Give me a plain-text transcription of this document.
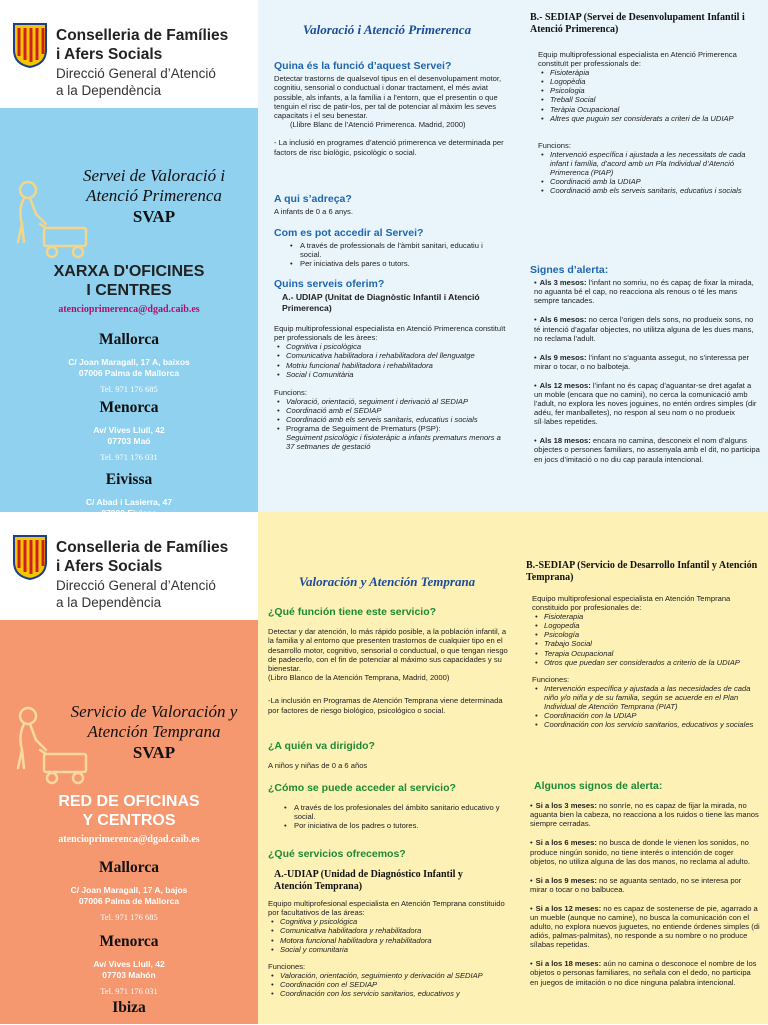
Conselleria de Famílies
i Afers Socials
Direcció General d’Atenció
a la Dependència
Servei de Valoració i Atenció Primerenca
SVAP
XARXA D'OFICINES
I CENTRES
atencioprimerenca@dgad.caib.es
Mallorca
C/ Joan Maragall, 17 A, baixos
07006 Palma de Mallorca
Tel. 971 176 685
Menorca
Av/ Vives Llull, 42
07703 Maó
Tel. 971 176 031
Eivissa
C/ Abad i Lasierra, 47
Valoració i Atenció Primerenca
Quina és la funció d’aquest Servei?
Detectar trastorns de qualsevol tipus en el desenvolupament motor, cognitiu, sensorial o conductual i donar tractament, el més aviat possible, als infants, a la família i a l’entorn, que el presentin o que tenguin el risc de patir-los, per tal de potenciar al màxim les seves capacitats i el seu benestar.
(Llibre Blanc de l’Atenció Primerenca. Madrid, 2000)
- La inclusió en programes d’atenció primerenca ve determinada per factors de risc biològic, psicològic o social.
A qui s’adreça?
A infants de 0 a 6 anys.
Com es pot accedir al Servei?
• A través de professionals de l’àmbit sanitari, educatiu i social.
• Per iniciativa dels pares o tutors.
Quins serveis oferim?
A.- UDIAP (Unitat de Diagnòstic Infantil i Atenció Primerenca)
Equip multiprofessional especialista en Atenció Primerenca constituït per professionals de les àrees:
• Cognitiva i psicològica
• Comunicativa habilitadora i rehabilitadora del llenguatge
• Motriu funcional habilitadora i rehabilitadora
• Social i Comunitària
Funcions:
• Valoració, orientació, seguiment i derivació al SEDIAP
• Coordinació amb el SEDIAP
• Coordinació amb els serveis sanitaris, educatius i socials
• Programa de Seguiment de Prematurs (PSP):
Seguiment psicològic i fisioteràpic a infants prematurs menors a 37 setmanes de gestació
B.- SEDIAP (Servei de Desenvolupament Infantil i Atenció Primerenca)
Equip multiprofessional especialista en Atenció Primerenca constituït per professionals de:
• Fisioteràpia
• Logopèdia
• Psicologia
• Treball Social
• Teràpia Ocupacional
• Altres que puguin ser considerats a criteri de la UDIAP
Funcions:
• Intervenció específica i ajustada a les necessitats de cada infant i família, d’acord amb un Pla Individual d’Atenció Primerenca (PIAP)
• Coordinació amb la UDIAP
• Coordinació amb els serveis sanitaris, educatius i socials
Signes d’alerta:
• Als 3 mesos: l’infant no somriu, no és capaç de fixar la mirada, no aguanta bé el cap, no reacciona als renous o té les mans sempre tancades.
• Als 6 mesos: no cerca l’origen dels sons, no produeix sons, no té intenció d’agafar objectes, no utilitza alguna de les dues mans, no reclama l’adult.
• Als 9 mesos: l’infant no s’aguanta assegut, no s’interessa per mirar o tocar, o no balboteja.
• Als 12 mesos: l’infant no és capaç d’aguantar-se dret agafat a un moble (encara que no camini), no cerca la comunicació amb l’adult, no explora les noves joguines, no entén ordres simples (dir adéu, fer manballetes), no respon al seu nom o no produeix síl·labes repetides.
• Als 18 mesos: encara no camina, desconeix el nom d’alguns objectes o persones familiars, no assenyala amb el dit, no participa en jocs d’imitació o no diu cap paraula intencional.
Conselleria de Famílies
i Afers Socials
Direcció General d’Atenció
a la Dependència
Servicio de Valoración y Atención Temprana
SVAP
RED DE OFICINAS
Y CENTROS
atencioprimerenca@dgad.caib.es
Mallorca
C/ Joan Maragall, 17 A, bajos
07006 Palma de Mallorca
Tel. 971 176 685
Menorca
Av/ Vives Llull, 42
07703 Mahón
Tel. 971 176 031
Ibiza
Valoración y Atención Temprana
¿Qué función tiene este servicio?
Detectar y dar atención, lo más rápido posible, a la población infantil, a la familia y al entorno que presenten trastornos de cualquier tipo en el desarrollo motor, cognitivo, sensorial o conductual, o que tengan riesgo de padecerlo, con el fin de potenciar al máximo sus capacidades y su bienestar.
(Libro Blanco de la Atención Temprana, Madrid, 2000)
-La inclusión en Programas de Atención Temprana viene determinada por factores de riesgo biológico, psicológico o social.
¿A quién va dirigido?
A niños y niñas de 0 a 6 años
¿Cómo se puede acceder al servicio?
• A través de los profesionales del ámbito sanitario educativo y social.
• Por iniciativa de los padres o tutores.
¿Qué servicios ofrecemos?
A.-UDIAP (Unidad de Diagnóstico Infantil y Atención Temprana)
Equipo multiprofesional especialista en Atención Temprana constituido por facultativos de las áreas:
• Cognitiva y psicológica
• Comunicativa habilitadora y rehabilitadora
• Motora funcional habilitadora y rehabilitadora
• Social y comunitaria
Funciones:
• Valoración, orientación, seguimiento y derivación al SEDIAP
• Coordinación con el SEDIAP
• Coordinación con los servicio sanitarios, educativos y
B.-SEDIAP (Servicio de Desarrollo Infantil y Atención Temprana)
Equipo multiprofesional especialista en Atención Temprana constituido por profesionales de:
• Fisioterapia
• Logopedia
• Psicología
• Trabajo Social
• Terapia Ocupacional
• Otros que puedan ser considerados a criterio de la UDIAP
Funciones:
• Intervención específica y ajustada a las necesidades de cada niño y/o niña y de su familia, según se acuerde en el Plan Individual de Atención Temprana (PIAT)
• Coordinación con la UDIAP
• Coordinación con los servicio sanitarios, educativos y sociales
Algunos signos de alerta:
• Si a los 3 meses: no sonríe, no es capaz de fijar la mirada, no aguanta bien la cabeza, no reacciona a los ruidos o tiene las manos siempre cerradas.
• Si a los 6 meses: no busca de donde le vienen los sonidos, no produce ningún sonido, no tiene interés o intención de coger objetos, no utiliza alguna de las dos manos, no reclama al adulto.
• Si a los 9 meses: no se aguanta sentado, no se interesa por mirar o tocar o no balbucea.
• Si a los 12 meses: no es capaz de sostenerse de pie, agarrado a un mueble (aunque no camine), no busca la comunicación con el adulto, no explora nuevos juguetes, no entiende órdenes simples (di adiós, palmas-palmitas), no responde a su nombre o no produce sílabas repetidas.
• Si a los 18 meses: aún no camina o desconoce el nombre de los objetos o personas familiares, no señala con el dedo, no participa en juegos de imitación o no dice ninguna palabra intencional.
